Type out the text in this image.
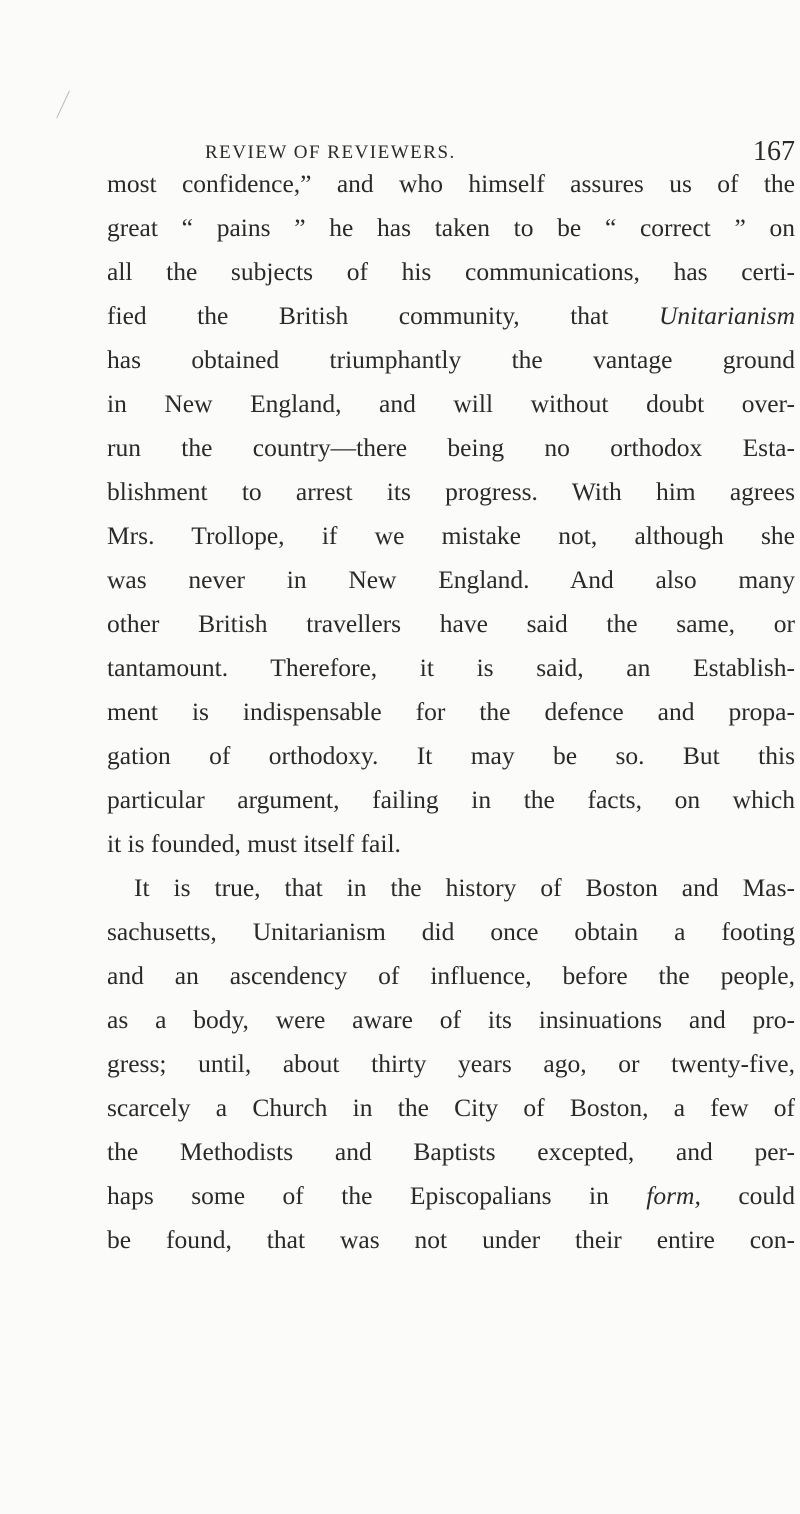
REVIEW OF REVIEWERS.	167
most confidence,” and who himself assures us of the
great “ pains ” he has taken to be “ correct ” on
all the subjects of his communications, has certi-
fied the British community, that Unitarianism
has obtained triumphantly the vantage ground
in New England, and will without doubt over-
run the country—there being no orthodox Esta-
blishment to arrest its progress. With him agrees
Mrs. Trollope, if we mistake not, although she
was never in New England. And also many
other British travellers have said the same, or
tantamount. Therefore, it is said, an Establish-
ment is indispensable for the defence and propa-
gation of orthodoxy. It may be so. But this
particular argument, failing in the facts, on which
it is founded, must itself fail.
It is true, that in the history of Boston and Mas-
sachusetts, Unitarianism did once obtain a footing
and an ascendency of influence, before the people,
as a body, were aware of its insinuations and pro-
gress; until, about thirty years ago, or twenty-five,
scarcely a Church in the City of Boston, a few of
the Methodists and Baptists excepted, and per-
haps some of the Episcopalians in form, could
be found, that was not under their entire con-
